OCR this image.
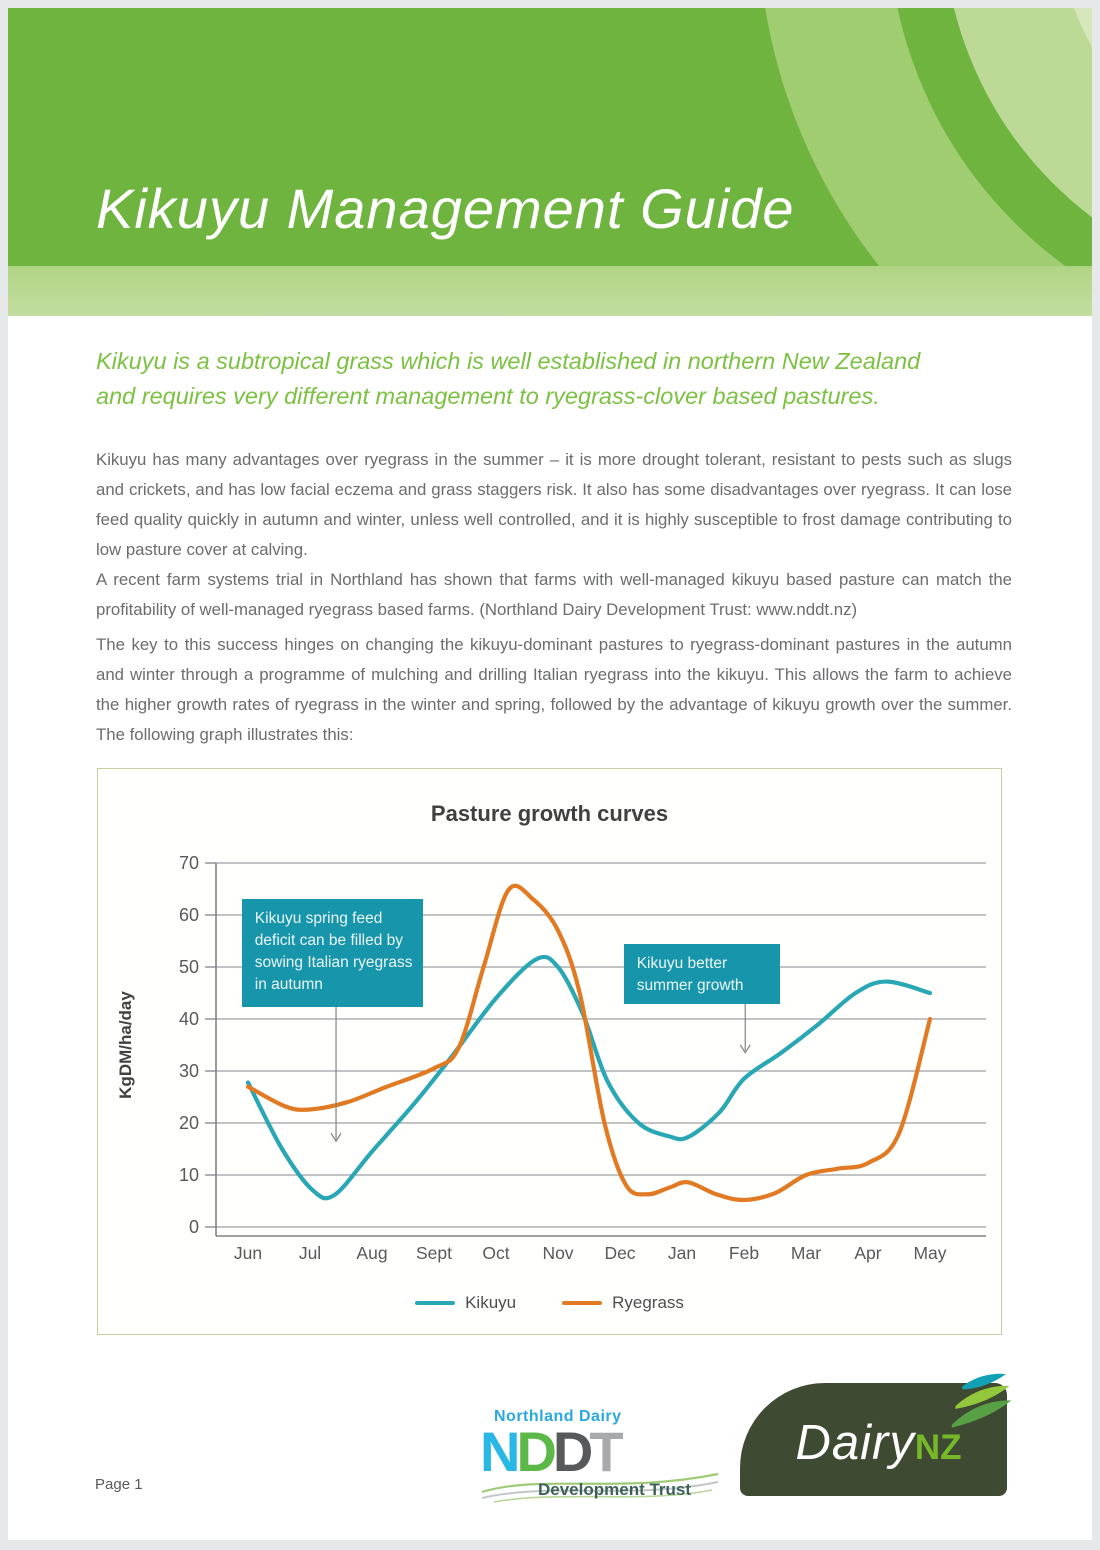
Kikuyu Management Guide
Kikuyu is a subtropical grass which is well established in northern New Zealand
and requires very different management to ryegrass-clover based pastures.
Kikuyu has many advantages over ryegrass in the summer – it is more drought tolerant, resistant to pests such as slugs and crickets, and has low facial eczema and grass staggers risk. It also has some disadvantages over ryegrass. It can lose feed quality quickly in autumn and winter, unless well controlled, and it is highly susceptible to frost damage contributing to low pasture cover at calving.
A recent farm systems trial in Northland has shown that farms with well-managed kikuyu based pasture can match the profitability of well-managed ryegrass based farms. (Northland Dairy Development Trust: www.nddt.nz)
The key to this success hinges on changing the kikuyu-dominant pastures to ryegrass-dominant pastures in the autumn and winter through a programme of mulching and drilling Italian ryegrass into the kikuyu. This allows the farm to achieve the higher growth rates of ryegrass in the winter and spring, followed by the advantage of kikuyu growth over the summer. The following graph illustrates this:
Pasture growth curves
KgDM/ha/day
0
10
20
30
40
50
60
70
Jun Jul Aug Sept Oct Nov Dec Jan Feb Mar Apr May
Kikuyu spring feed deficit can be filled by sowing Italian ryegrass in autumn
Kikuyu better summer growth
Kikuyu	Ryegrass
Page 1
Northland Dairy
NDDT
Development Trust
Dairy NZ
